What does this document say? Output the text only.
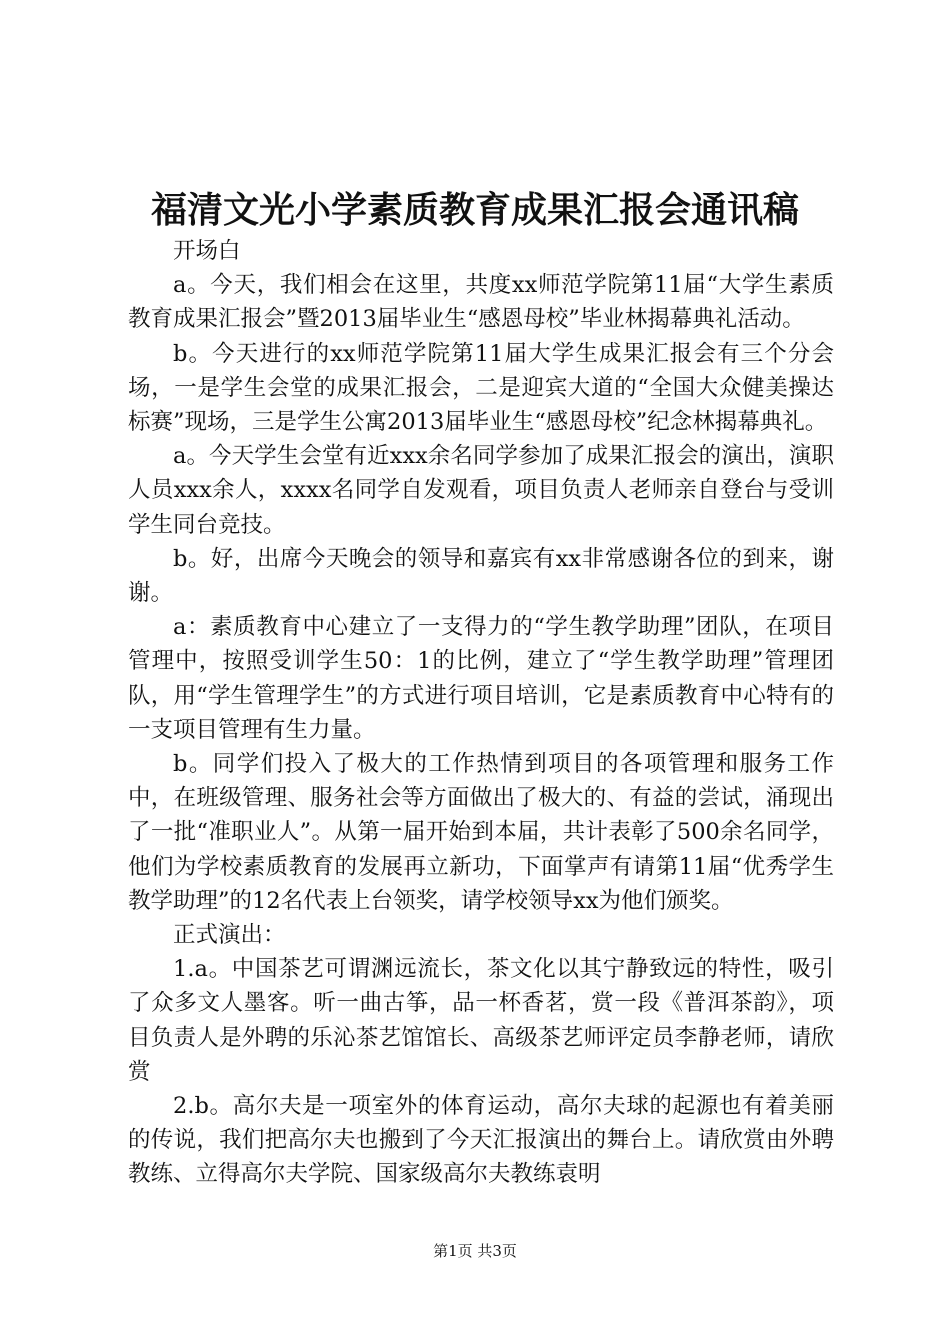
福清文光小学素质教育成果汇报会通讯稿

开场白

a。今天，我们相会在这里，共度xx师范学院第11届“大学生素质教育成果汇报会”暨2013届毕业生“感恩母校”毕业林揭幕典礼活动。

b。今天进行的xx师范学院第11届大学生成果汇报会有三个分会场，一是学生会堂的成果汇报会，二是迎宾大道的“全国大众健美操达标赛”现场，三是学生公寓2013届毕业生“感恩母校”纪念林揭幕典礼。

a。今天学生会堂有近xxx余名同学参加了成果汇报会的演出，演职人员xxx余人，xxxx名同学自发观看，项目负责人老师亲自登台与受训学生同台竞技。

b。好，出席今天晚会的领导和嘉宾有xx非常感谢各位的到来，谢谢。

a：素质教育中心建立了一支得力的“学生教学助理”团队，在项目管理中，按照受训学生50：1的比例，建立了“学生教学助理”管理团队，用“学生管理学生”的方式进行项目培训，它是素质教育中心特有的一支项目管理有生力量。

b。同学们投入了极大的工作热情到项目的各项管理和服务工作中，在班级管理、服务社会等方面做出了极大的、有益的尝试，涌现出了一批“准职业人”。从第一届开始到本届，共计表彰了500余名同学，他们为学校素质教育的发展再立新功，下面掌声有请第11届“优秀学生教学助理”的12名代表上台领奖，请学校领导xx为他们颁奖。

正式演出：

1.a。中国茶艺可谓渊远流长，茶文化以其宁静致远的特性，吸引了众多文人墨客。听一曲古筝，品一杯香茗，赏一段《普洱茶韵》，项目负责人是外聘的乐沁茶艺馆馆长、高级茶艺师评定员李静老师，请欣赏

2.b。高尔夫是一项室外的体育运动，高尔夫球的起源也有着美丽的传说，我们把高尔夫也搬到了今天汇报演出的舞台上。请欣赏由外聘教练、立得高尔夫学院、国家级高尔夫教练袁明

第1页 共3页
